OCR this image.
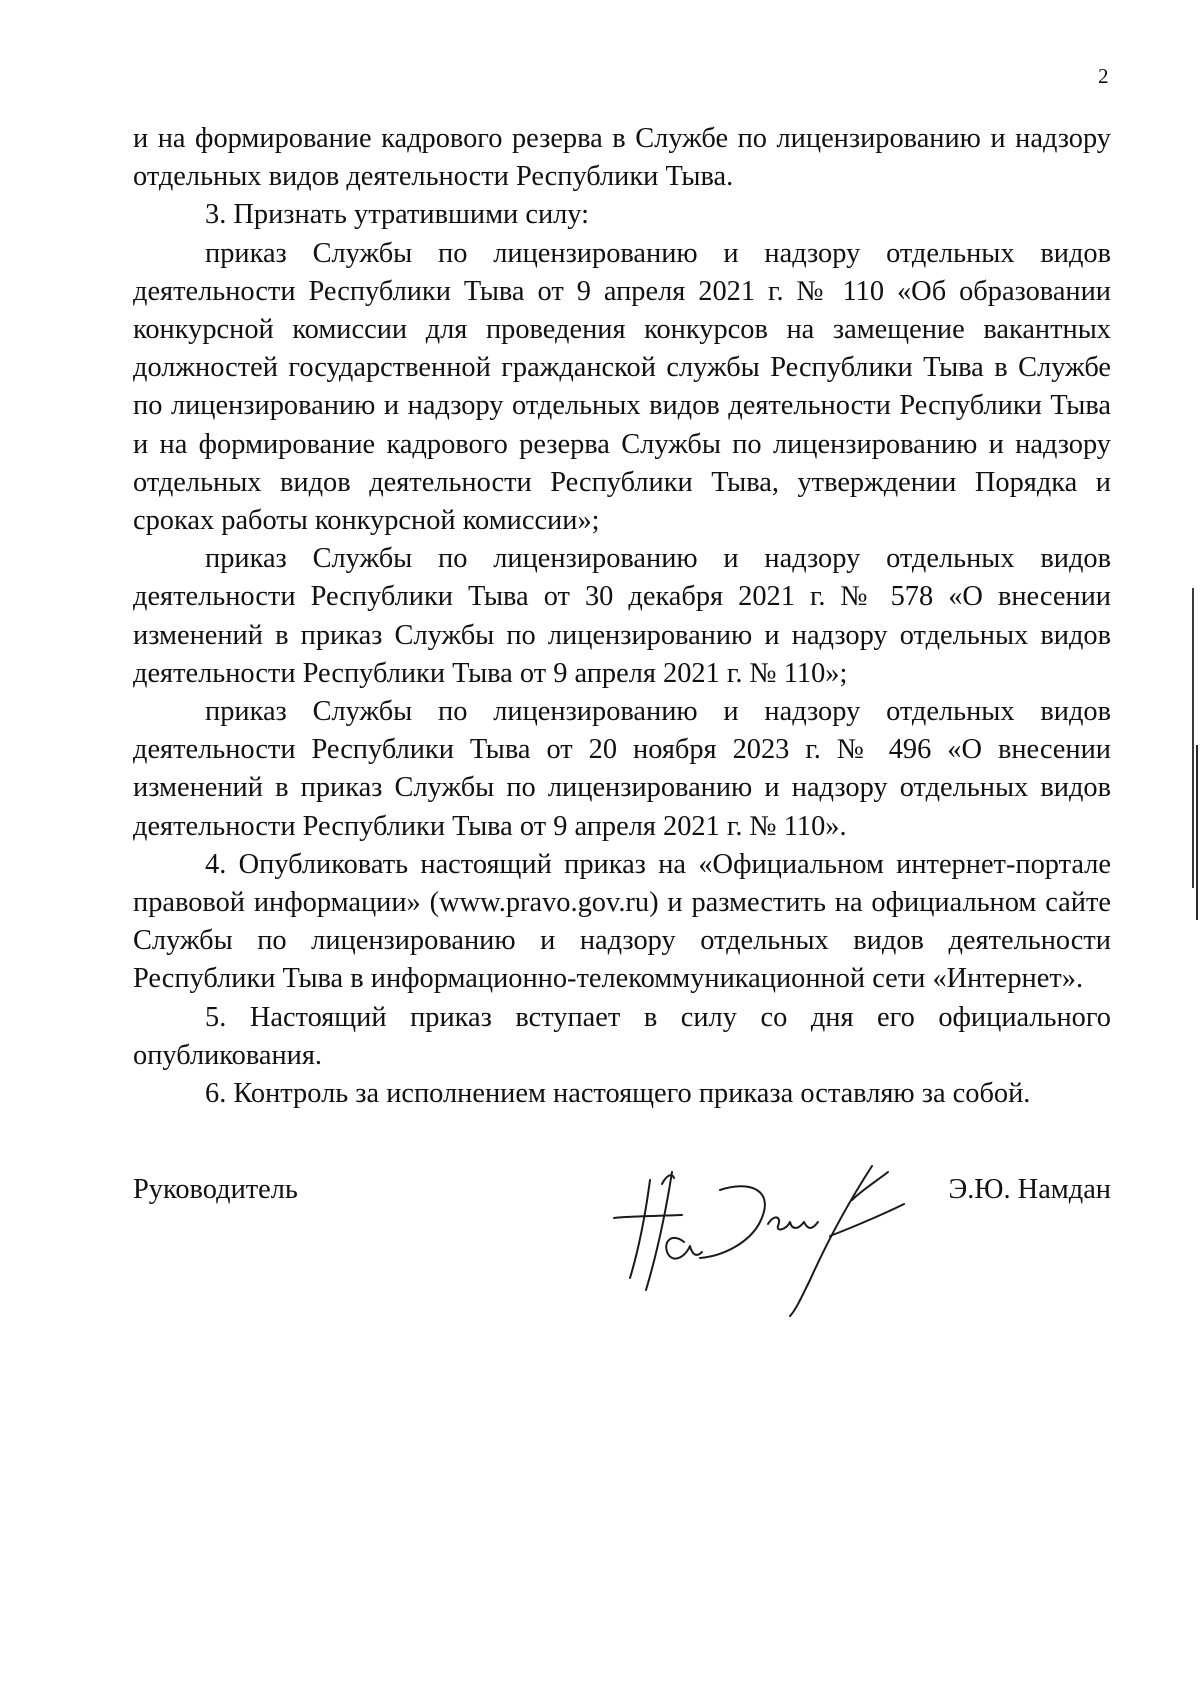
2

и на формирование кадрового резерва в Службе по лицензированию и надзору отдельных видов деятельности Республики Тыва.

3. Признать утратившими силу:

приказ Службы по лицензированию и надзору отдельных видов деятельности Республики Тыва от 9 апреля 2021 г. № 110 «Об образовании конкурсной комиссии для проведения конкурсов на замещение вакантных должностей государственной гражданской службы Республики Тыва в Службе по лицензированию и надзору отдельных видов деятельности Республики Тыва и на формирование кадрового резерва Службы по лицензированию и надзору отдельных видов деятельности Республики Тыва, утверждении Порядка и сроках работы конкурсной комиссии»;

приказ Службы по лицензированию и надзору отдельных видов деятельности Республики Тыва от 30 декабря 2021 г. № 578 «О внесении изменений в приказ Службы по лицензированию и надзору отдельных видов деятельности Республики Тыва от 9 апреля 2021 г. № 110»;

приказ Службы по лицензированию и надзору отдельных видов деятельности Республики Тыва от 20 ноября 2023 г. № 496 «О внесении изменений в приказ Службы по лицензированию и надзору отдельных видов деятельности Республики Тыва от 9 апреля 2021 г. № 110».

4. Опубликовать настоящий приказ на «Официальном интернет-портале правовой информации» (www.pravo.gov.ru) и разместить на официальном сайте Службы по лицензированию и надзору отдельных видов деятельности Республики Тыва в информационно-телекоммуникационной сети «Интернет».

5. Настоящий приказ вступает в силу со дня его официального опубликования.

6. Контроль за исполнением настоящего приказа оставляю за собой.

Руководитель	Э.Ю. Намдан
